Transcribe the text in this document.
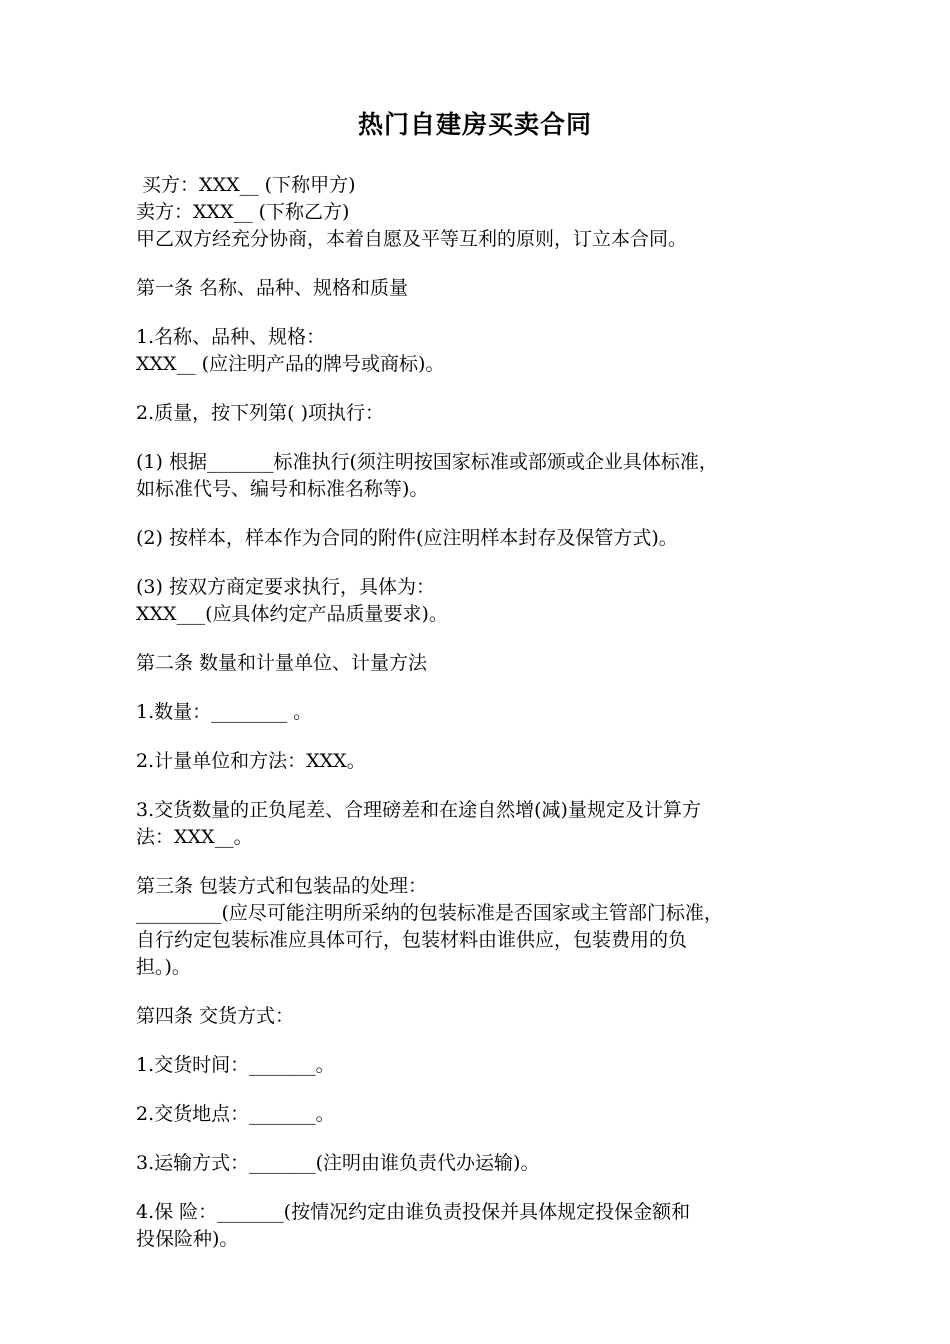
热门自建房买卖合同

买方：XXX__ (下称甲方)

卖方：XXX__ (下称乙方)

甲乙双方经充分协商，本着自愿及平等互利的原则，订立本合同。

第一条 名称、品种、规格和质量

1.名称、品种、规格：

XXX__ (应注明产品的牌号或商标)。

2.质量，按下列第( )项执行：

(1) 根据_______标准执行(须注明按国家标准或部颁或企业具体标准，

如标准代号、编号和标准名称等)。

(2) 按样本，样本作为合同的附件(应注明样本封存及保管方式)。

(3) 按双方商定要求执行，具体为：

XXX___(应具体约定产品质量要求)。

第二条 数量和计量单位、计量方法

1.数量：________ 。

2.计量单位和方法：XXX。

3.交货数量的正负尾差、合理磅差和在途自然增(减)量规定及计算方

法：XXX__。

第三条 包装方式和包装品的处理：

_________(应尽可能注明所采纳的包装标准是否国家或主管部门标准，

自行约定包装标准应具体可行，包装材料由谁供应，包装费用的负

担。)。

第四条 交货方式：

1.交货时间：_______。

2.交货地点：_______。

3.运输方式：_______(注明由谁负责代办运输)。

4.保 险：_______(按情况约定由谁负责投保并具体规定投保金额和

投保险种)。
